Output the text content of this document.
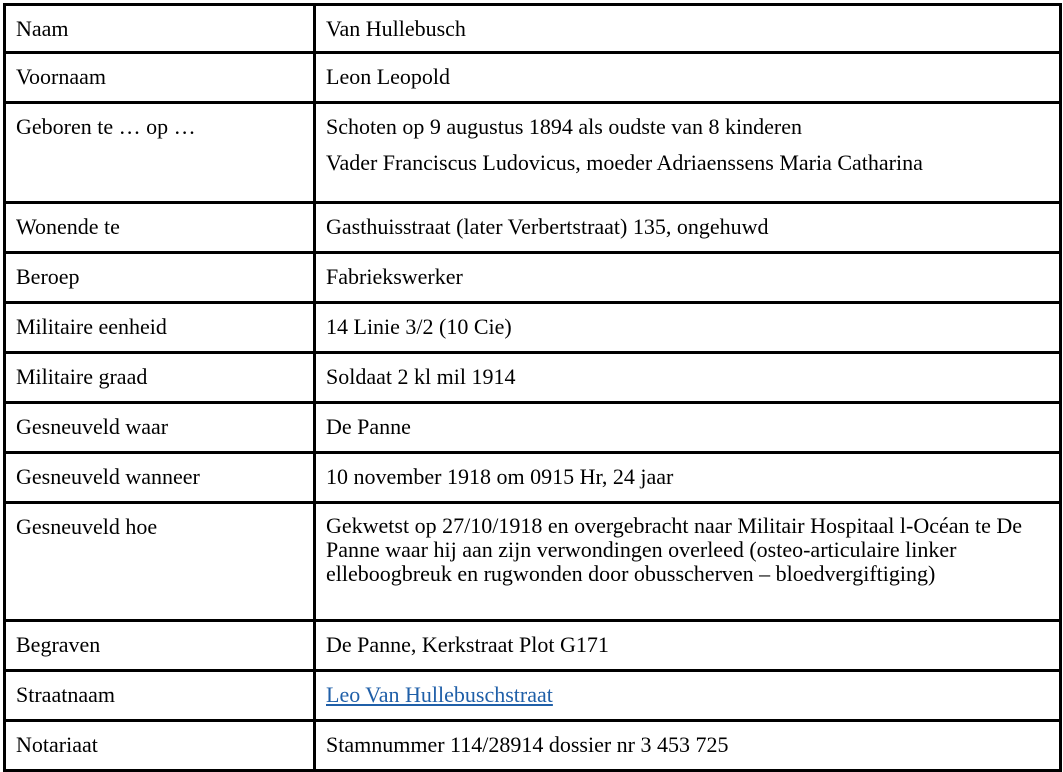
Naam	Van Hullebusch
Voornaam	Leon Leopold
Geboren te … op …	Schoten op 9 augustus 1894 als oudste van 8 kinderen
Vader Franciscus Ludovicus, moeder Adriaenssens Maria Catharina

Wonende te	Gasthuisstraat (later Verbertstraat) 135, ongehuwd
Beroep	Fabriekswerker
Militaire eenheid	14 Linie 3/2 (10 Cie)
Militaire graad	Soldaat 2 kl mil 1914
Gesneuveld waar	De Panne
Gesneuveld wanneer	10 november 1918 om 0915 Hr, 24 jaar
Gesneuveld hoe	Gekwetst op 27/10/1918 en overgebracht naar Militair Hospitaal l-Océan te De Panne waar hij aan zijn verwondingen overleed (osteo-articulaire linker elleboogbreuk en rugwonden door obusscherven – bloedvergiftiging)

Begraven	De Panne, Kerkstraat Plot G171
Straatnaam	Leo Van Hullebuschstraat
Notariaat	Stamnummer 114/28914 dossier nr 3 453 725
